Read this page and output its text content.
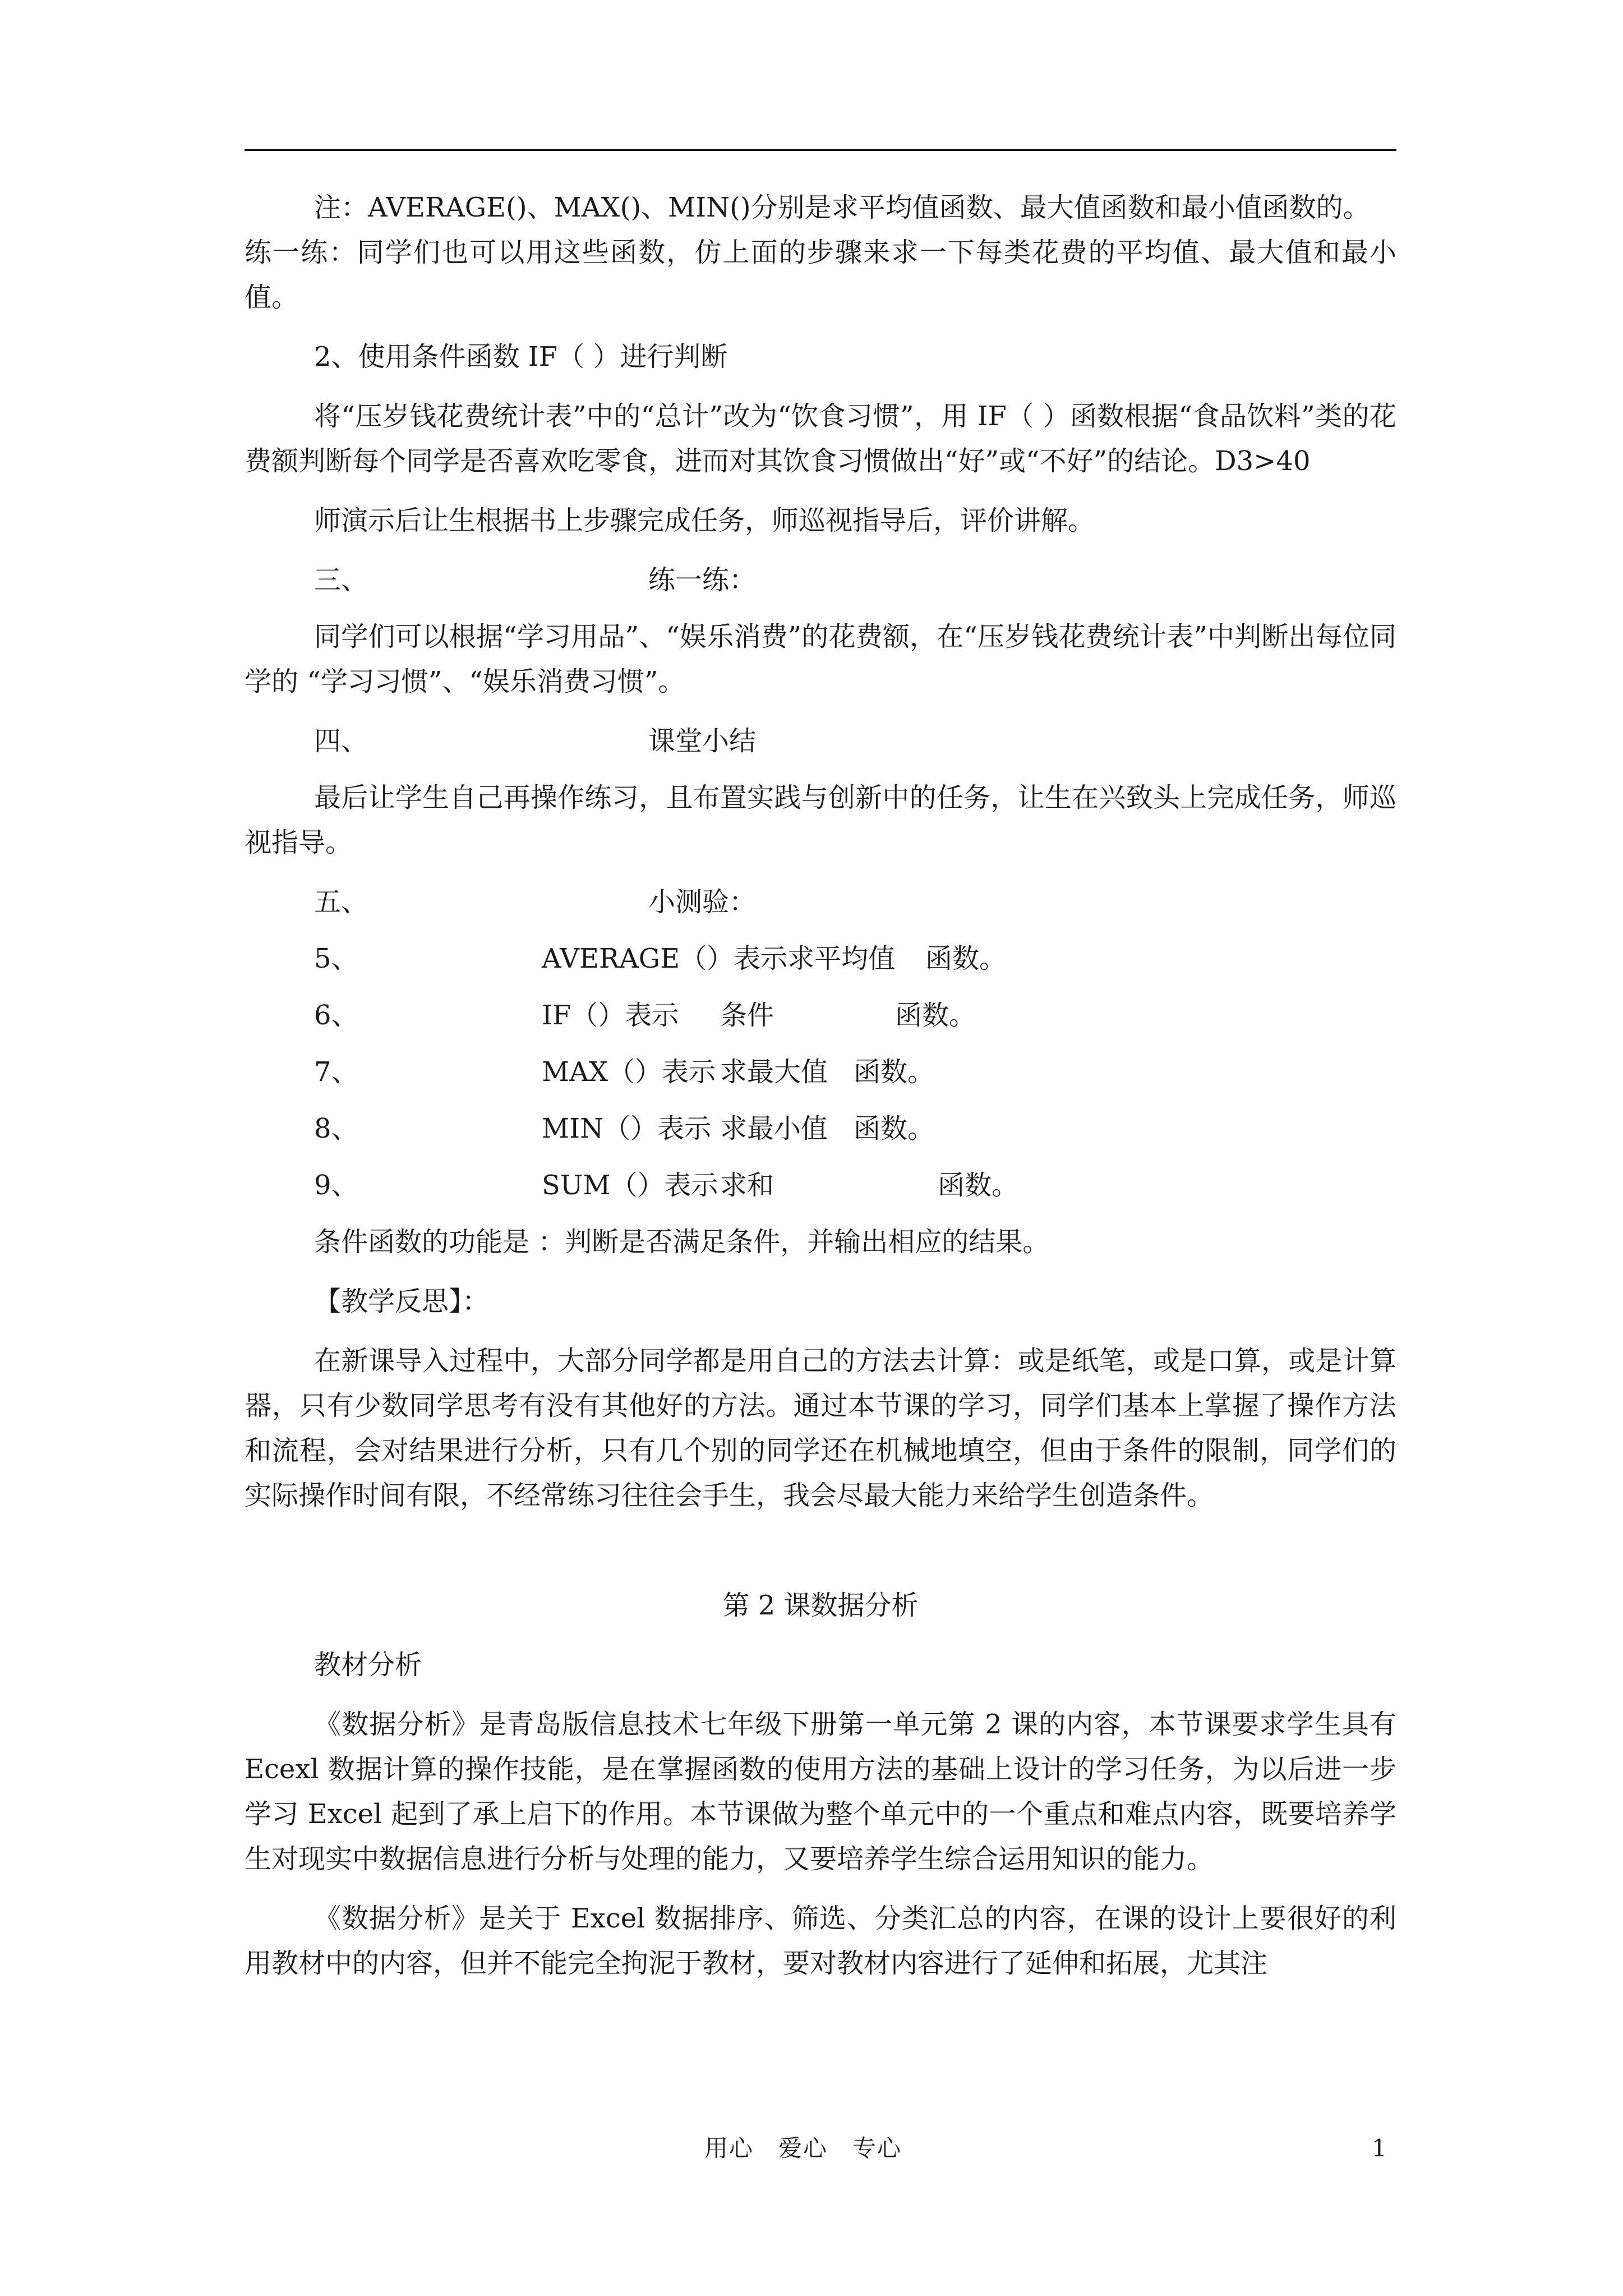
注：AVERAGE()、MAX()、MIN()分别是求平均值函数、最大值函数和最小值函数的。

练一练：同学们也可以用这些函数，仿上面的步骤来求一下每类花费的平均值、最大值和最小值。

2、使用条件函数 IF（ ）进行判断

将“压岁钱花费统计表”中的“总计”改为“饮食习惯”，用 IF（ ）函数根据“食品饮料”类的花费额判断每个同学是否喜欢吃零食，进而对其饮食习惯做出“好”或“不好”的结论。D3>40

师演示后让生根据书上步骤完成任务，师巡视指导后，评价讲解。

三、	练一练：

同学们可以根据“学习用品”、“娱乐消费”的花费额，在“压岁钱花费统计表”中判断出每位同学的 “学习习惯”、“娱乐消费习惯”。

四、	课堂小结

最后让学生自己再操作练习，且布置实践与创新中的任务，让生在兴致头上完成任务，师巡视指导。

五、	小测验：
5、	AVERAGE（）表示求平均值 函数。
6、	IF（）表示 条件	函数。
7、	MAX（）表示 求最大值 函数。
8、	MIN（）表示 求最小值 函数。
9、	SUM（）表示 求和	函数。

条件函数的功能是 ：判断是否满足条件，并输出相应的结果。

【教学反思】：

在新课导入过程中，大部分同学都是用自己的方法去计算：或是纸笔，或是口算，或是计算器，只有少数同学思考有没有其他好的方法。通过本节课的学习，同学们基本上掌握了操作方法和流程，会对结果进行分析，只有几个别的同学还在机械地填空，但由于条件的限制，同学们的实际操作时间有限，不经常练习往往会手生，我会尽最大能力来给学生创造条件。

第 2 课数据分析

教材分析

《数据分析》是青岛版信息技术七年级下册第一单元第 2 课的内容，本节课要求学生具有 Ecexl 数据计算的操作技能，是在掌握函数的使用方法的基础上设计的学习任务，为以后进一步学习 Excel 起到了承上启下的作用。本节课做为整个单元中的一个重点和难点内容，既要培养学生对现实中数据信息进行分析与处理的能力，又要培养学生综合运用知识的能力。

《数据分析》是关于 Excel 数据排序、筛选、分类汇总的内容，在课的设计上要很好的利用教材中的内容，但并不能完全拘泥于教材，要对教材内容进行了延伸和拓展，尤其注

用心　爱心　专心	1
